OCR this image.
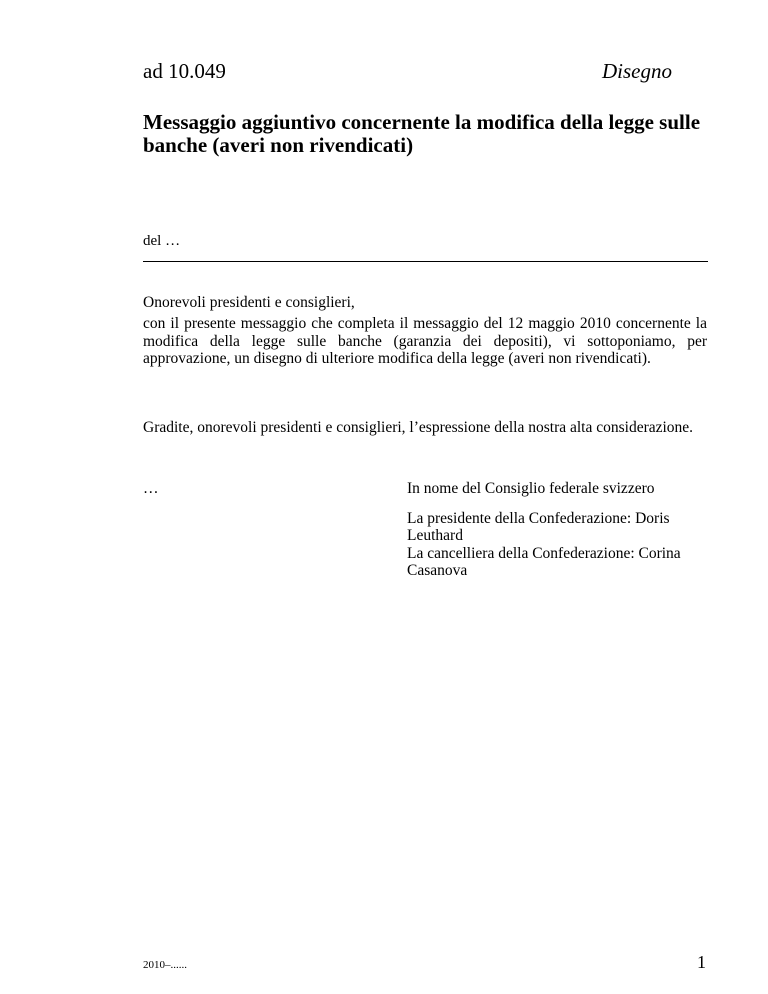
ad 10.049	Disegno
Messaggio aggiuntivo concernente la modifica della legge sulle banche (averi non rivendicati)
del …
Onorevoli presidenti e consiglieri,

con il presente messaggio che completa il messaggio del 12 maggio 2010 concernente la modifica della legge sulle banche (garanzia dei depositi), vi sottoponiamo, per approvazione, un disegno di ulteriore modifica della legge (averi non rivendicati).

Gradite, onorevoli presidenti e consiglieri, l’espressione della nostra alta considerazione.

…	In nome del Consiglio federale svizzero
La presidente della Confederazione: Doris Leuthard
La cancelliera della Confederazione: Corina Casanova
2010–......	1
